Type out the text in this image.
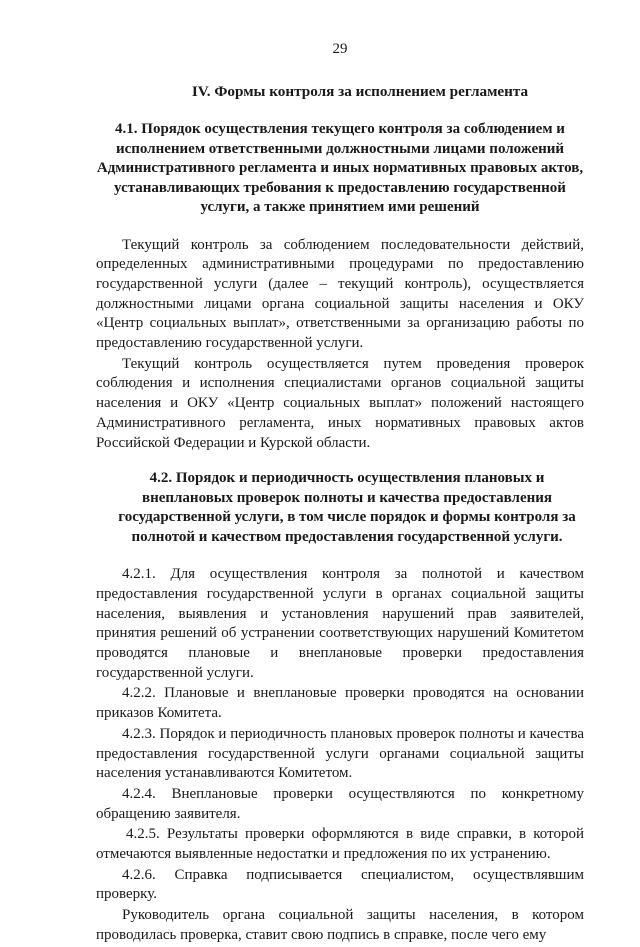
29
IV. Формы контроля за исполнением регламента
4.1. Порядок осуществления текущего контроля за соблюдением и исполнением ответственными должностными лицами положений Административного регламента и иных нормативных правовых актов, устанавливающих требования к предоставлению государственной услуги, а также принятием ими решений

Текущий контроль за соблюдением последовательности действий, определенных административными процедурами по предоставлению государственной услуги (далее – текущий контроль), осуществляется должностными лицами органа социальной защиты населения и ОКУ «Центр социальных выплат», ответственными за организацию работы по предоставлению государственной услуги.

Текущий контроль осуществляется путем проведения проверок соблюдения и исполнения специалистами органов социальной защиты населения и ОКУ «Центр социальных выплат» положений настоящего Административного регламента, иных нормативных правовых актов Российской Федерации и Курской области.

4.2. Порядок и периодичность осуществления плановых и внеплановых проверок полноты и качества предоставления государственной услуги, в том числе порядок и формы контроля за полнотой и качеством предоставления государственной услуги.

4.2.1. Для осуществления контроля за полнотой и качеством предоставления государственной услуги в органах социальной защиты населения, выявления и установления нарушений прав заявителей, принятия решений об устранении соответствующих нарушений Комитетом проводятся плановые и внеплановые проверки предоставления государственной услуги.

4.2.2. Плановые и внеплановые проверки проводятся на основании приказов Комитета.

4.2.3. Порядок и периодичность плановых проверок полноты и качества предоставления государственной услуги органами социальной защиты населения устанавливаются Комитетом.

4.2.4. Внеплановые проверки осуществляются по конкретному обращению заявителя.

4.2.5. Результаты проверки оформляются в виде справки, в которой отмечаются выявленные недостатки и предложения по их устранению.

4.2.6. Справка подписывается специалистом, осуществлявшим проверку.

Руководитель органа социальной защиты населения, в котором проводилась проверка, ставит свою подпись в справке, после чего ему
